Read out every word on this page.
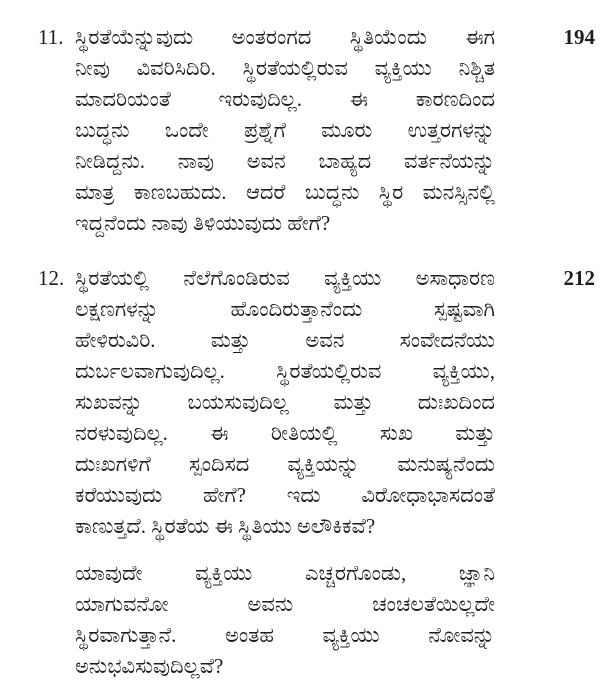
11. ಸ್ಥಿರತೆಯೆನ್ನುವುದು ಅಂತರಂಗದ ಸ್ಥಿತಿಯೆಂದು ಈಗ
ನೀವು ವಿವರಿಸಿದಿರಿ. ಸ್ಥಿರತೆಯಲ್ಲಿರುವ ವ್ಯಕ್ತಿಯು ನಿಶ್ಚಿತ
ಮಾದರಿಯಂತೆ ಇರುವುದಿಲ್ಲ. ಈ ಕಾರಣದಿಂದ
ಬುದ್ಧನು ಒಂದೇ ಪ್ರಶ್ನೆಗೆ ಮೂರು ಉತ್ತರಗಳನ್ನು
ನೀಡಿದ್ದನು. ನಾವು ಅವನ ಬಾಹ್ಯದ ವರ್ತನೆಯನ್ನು
ಮಾತ್ರ ಕಾಣಬಹುದು. ಆದರೆ ಬುದ್ಧನು ಸ್ಥಿರ ಮನಸ್ಸಿನಲ್ಲಿ
ಇದ್ದನೆಂದು ನಾವು ತಿಳಿಯುವುದು ಹೇಗೆ?
194
12. ಸ್ಥಿರತೆಯಲ್ಲಿ ನೆಲೆಗೊಂಡಿರುವ ವ್ಯಕ್ತಿಯು ಅಸಾಧಾರಣ
ಲಕ್ಷಣಗಳನ್ನು ಹೊಂದಿರುತ್ತಾನೆಂದು ಸ್ಪಷ್ಟವಾಗಿ
ಹೇಳಿರುವಿರಿ. ಮತ್ತು ಅವನ ಸಂವೇದನೆಯು
ದುರ್ಬಲವಾಗುವುದಿಲ್ಲ. ಸ್ಥಿರತೆಯಲ್ಲಿರುವ ವ್ಯಕ್ತಿಯು,
ಸುಖವನ್ನು ಬಯಸುವುದಿಲ್ಲ ಮತ್ತು ದುಃಖದಿಂದ
ನರಳುವುದಿಲ್ಲ. ಈ ರೀತಿಯಲ್ಲಿ ಸುಖ ಮತ್ತು
ದುಃಖಗಳಿಗೆ ಸ್ಪಂದಿಸದ ವ್ಯಕ್ತಿಯನ್ನು ಮನುಷ್ಯನೆಂದು
ಕರೆಯುವುದು ಹೇಗೆ? ಇದು ವಿರೋಧಾಭಾಸದಂತೆ
ಕಾಣುತ್ತದೆ. ಸ್ಥಿರತೆಯ ಈ ಸ್ಥಿತಿಯು ಅಲೌಕಿಕವೆ?
ಯಾವುದೇ ವ್ಯಕ್ತಿಯು ಎಚ್ಚರಗೊಂಡು, ಜ್ಞಾನಿ
ಯಾಗುವನೋ ಅವನು ಚಂಚಲತೆಯಿಲ್ಲದೇ
ಸ್ಥಿರವಾಗುತ್ತಾನೆ. ಅಂತಹ ವ್ಯಕ್ತಿಯು ನೋವನ್ನು
ಅನುಭವಿಸುವುದಿಲ್ಲವೆ?
212
